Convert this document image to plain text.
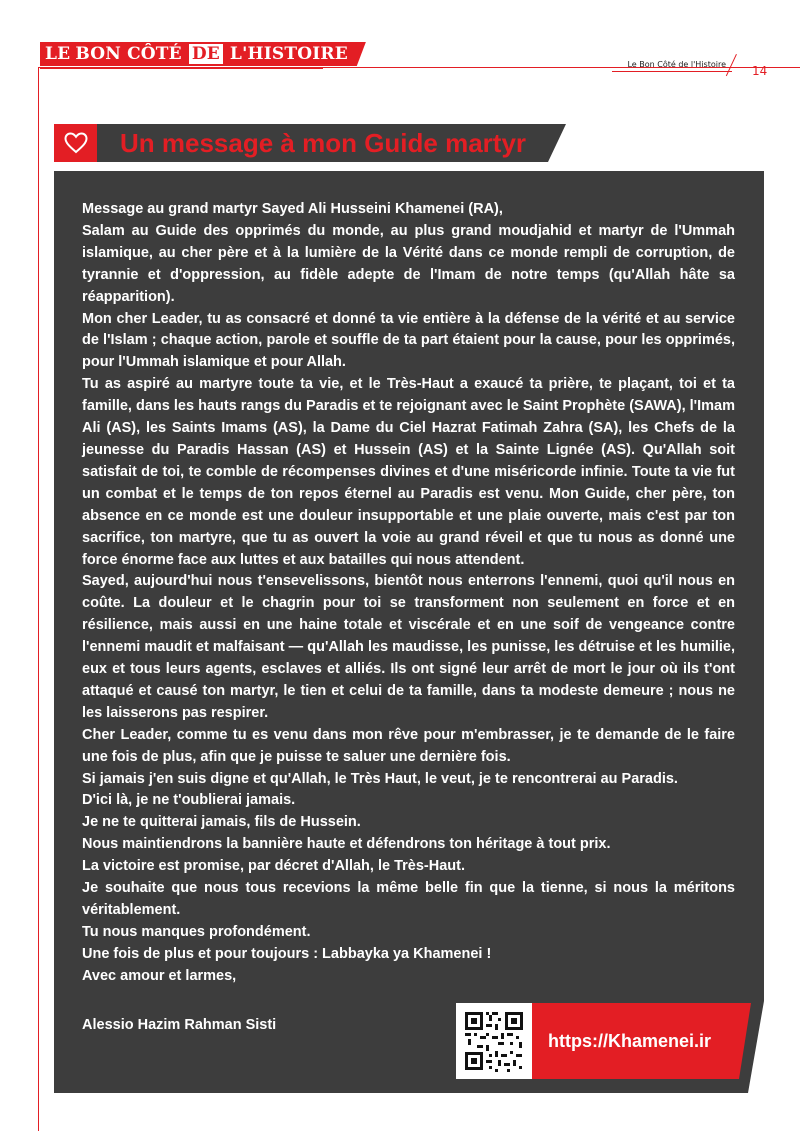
LE BON CÔTÉ DE L'HISTOIRE
Le Bon Côté de l'Histoire 14
Un message à mon Guide martyr

Message au grand martyr Sayed Ali Husseini Khamenei (RA),

Salam au Guide des opprimés du monde, au plus grand moudjahid et martyr de l'Ummah islamique, au cher père et à la lumière de la Vérité dans ce monde rempli de corruption, de tyrannie et d'oppression, au fidèle adepte de l'Imam de notre temps (qu'Allah hâte sa réapparition).

Mon cher Leader, tu as consacré et donné ta vie entière à la défense de la vérité et au service de l'Islam ; chaque action, parole et souffle de ta part étaient pour la cause, pour les opprimés, pour l'Ummah islamique et pour Allah.

Tu as aspiré au martyre toute ta vie, et le Très-Haut a exaucé ta prière, te plaçant, toi et ta famille, dans les hauts rangs du Paradis et te rejoignant avec le Saint Prophète (SAWA), l'Imam Ali (AS), les Saints Imams (AS), la Dame du Ciel Hazrat Fatimah Zahra (SA), les Chefs de la jeunesse du Paradis Hassan (AS) et Hussein (AS) et la Sainte Lignée (AS). Qu'Allah soit satisfait de toi, te comble de récompenses divines et d'une miséricorde infinie. Toute ta vie fut un combat et le temps de ton repos éternel au Paradis est venu. Mon Guide, cher père, ton absence en ce monde est une douleur insupportable et une plaie ouverte, mais c'est par ton sacrifice, ton martyre, que tu as ouvert la voie au grand réveil et que tu nous as donné une force énorme face aux luttes et aux batailles qui nous attendent.

Sayed, aujourd'hui nous t'ensevelissons, bientôt nous enterrons l'ennemi, quoi qu'il nous en coûte. La douleur et le chagrin pour toi se transforment non seulement en force et en résilience, mais aussi en une haine totale et viscérale et en une soif de vengeance contre l'ennemi maudit et malfaisant — qu'Allah les maudisse, les punisse, les détruise et les humilie, eux et tous leurs agents, esclaves et alliés. Ils ont signé leur arrêt de mort le jour où ils t'ont attaqué et causé ton martyr, le tien et celui de ta famille, dans ta modeste demeure ; nous ne les laisserons pas respirer.

Cher Leader, comme tu es venu dans mon rêve pour m'embrasser, je te demande de le faire une fois de plus, afin que je puisse te saluer une dernière fois.

Si jamais j'en suis digne et qu'Allah, le Très Haut, le veut, je te rencontrerai au Paradis.

D'ici là, je ne t'oublierai jamais.

Je ne te quitterai jamais, fils de Hussein.

Nous maintiendrons la bannière haute et défendrons ton héritage à tout prix.

La victoire est promise, par décret d'Allah, le Très-Haut.

Je souhaite que nous tous recevions la même belle fin que la tienne, si nous la méritons véritablement.

Tu nous manques profondément.

Une fois de plus et pour toujours : Labbayka ya Khamenei !

Avec amour et larmes,

Alessio Hazim Rahman Sisti
https://Khamenei.ir
